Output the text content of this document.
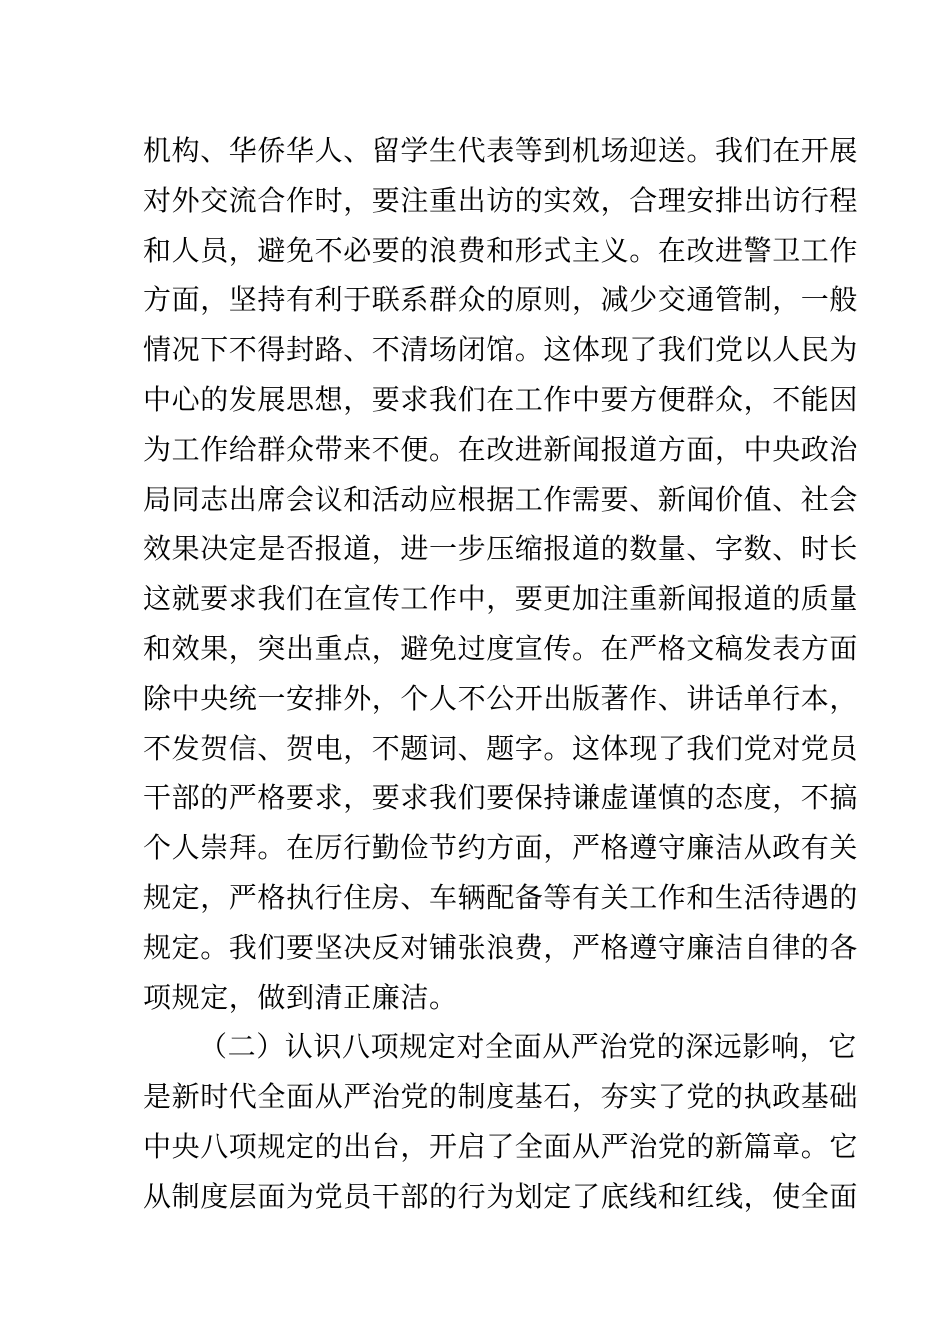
机构、华侨华人、留学生代表等到机场迎送。我们在开展
对外交流合作时，要注重出访的实效，合理安排出访行程
和人员，避免不必要的浪费和形式主义。在改进警卫工作
方面，坚持有利于联系群众的原则，减少交通管制，一般
情况下不得封路、不清场闭馆。这体现了我们党以人民为
中心的发展思想，要求我们在工作中要方便群众，不能因
为工作给群众带来不便。在改进新闻报道方面，中央政治
局同志出席会议和活动应根据工作需要、新闻价值、社会
效果决定是否报道，进一步压缩报道的数量、字数、时长
这就要求我们在宣传工作中，要更加注重新闻报道的质量
和效果，突出重点，避免过度宣传。在严格文稿发表方面
除中央统一安排外，个人不公开出版著作、讲话单行本，
不发贺信、贺电，不题词、题字。这体现了我们党对党员
干部的严格要求，要求我们要保持谦虚谨慎的态度，不搞
个人崇拜。在厉行勤俭节约方面，严格遵守廉洁从政有关
规定，严格执行住房、车辆配备等有关工作和生活待遇的
规定。我们要坚决反对铺张浪费，严格遵守廉洁自律的各
项规定，做到清正廉洁。
（二）认识八项规定对全面从严治党的深远影响，它
是新时代全面从严治党的制度基石，夯实了党的执政基础
中央八项规定的出台，开启了全面从严治党的新篇章。它
从制度层面为党员干部的行为划定了底线和红线，使全面
